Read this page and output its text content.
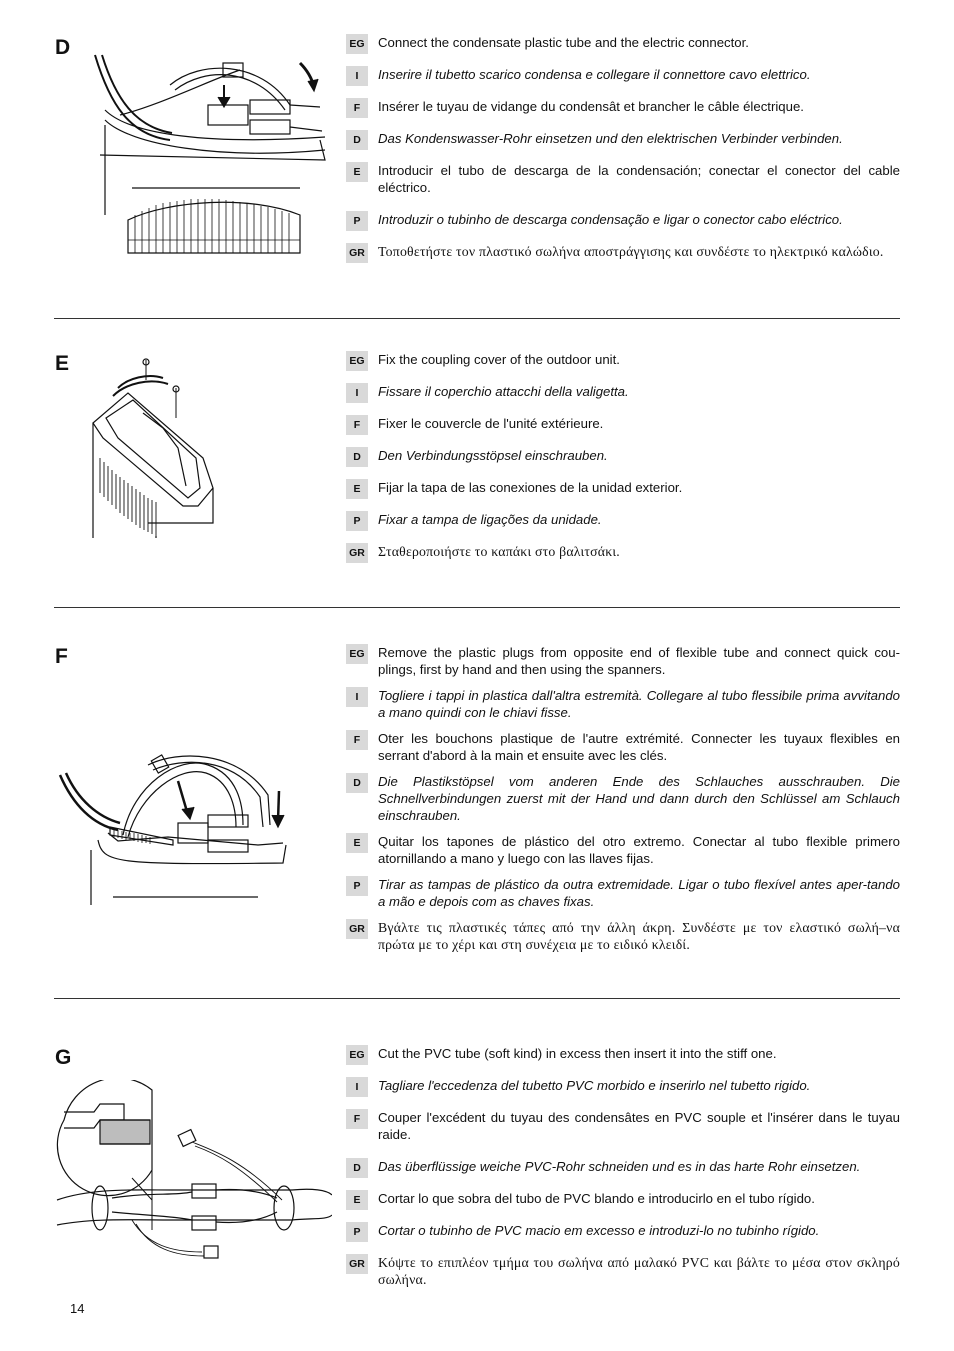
D	EG Connect the condensate plastic tube and the electric connector.
I	Inserire il tubetto scarico condensa e collegare il connettore cavo elettrico.
F	Insérer le tuyau de vidange du condensât et brancher le câble électrique.
D	Das Kondenswasser-Rohr einsetzen und den elektrischen Verbinder verbinden.
E	Introducir el tubo de descarga de la condensación; conectar el conector del cable eléctrico.
P	Introduzir o tubinho de descarga condensação e ligar o conector cabo eléctrico.
GR Τοποθετήστε τον πλαστικό σωλήνα αποστράγγισης και συνδέστε το ηλεκτρικό καλώδιο.
E	EG Fix the coupling cover of the outdoor unit.
I	Fissare il coperchio attacchi della valigetta.
F	Fixer le couvercle de l'unité extérieure.
D	Den Verbindungsstöpsel einschrauben.
E	Fijar la tapa de las conexiones de la unidad exterior.
P	Fixar a tampa de ligações da unidade.
GR Σταθεροποιήστε το καπάκι στο βαλιτσάκι.
F	EG Remove the plastic plugs from opposite end of flexible tube and connect quick cou-plings, first by hand and then using the spanners.
I	Togliere i tappi in plastica dall'altra estremità. Collegare al tubo flessibile prima avvitando a mano quindi con le chiavi fisse.
F	Oter les bouchons plastique de l'autre extrémité. Connecter les tuyaux flexibles en serrant d'abord à la main et ensuite avec les clés.
D	Die Plastikstöpsel vom anderen Ende des Schlauches ausschrauben. Die Schnellverbindungen zuerst mit der Hand und dann durch den Schlüssel am Schlauch einschrauben.
E	Quitar los tapones de plástico del otro extremo. Conectar al tubo flexible primero atornillando a mano y luego con las llaves fijas.
P	Tirar as tampas de plástico da outra extremidade. Ligar o tubo flexível antes aper-tando a mão e depois com as chaves fixas.
GR Βγάλτε τις πλαστικές τάπες από την άλλη άκρη. Συνδέστε με τον ελαστικό σωλή–να πρώτα με το χέρι και στη συνέχεια με το ειδικό κλειδί.
G	EG Cut the PVC tube (soft kind) in excess then insert it into the stiff one.
I	Tagliare l'eccedenza del tubetto PVC morbido e inserirlo nel tubetto rigido.
F	Couper l'excédent du tuyau des condensâtes en PVC souple et l'insérer dans le tuyau raide.
D	Das überflüssige weiche PVC-Rohr schneiden und es in das harte Rohr einsetzen.
E	Cortar lo que sobra del tubo de PVC blando e introducirlo en el tubo rígido.
P	Cortar o tubinho de PVC macio em excesso e introduzi-lo no tubinho rígido.
GR Κόψτε το επιπλέον τμήμα του σωλήνα από μαλακό PVC και βάλτε το μέσα στον σκληρό σωλήνα.
14
